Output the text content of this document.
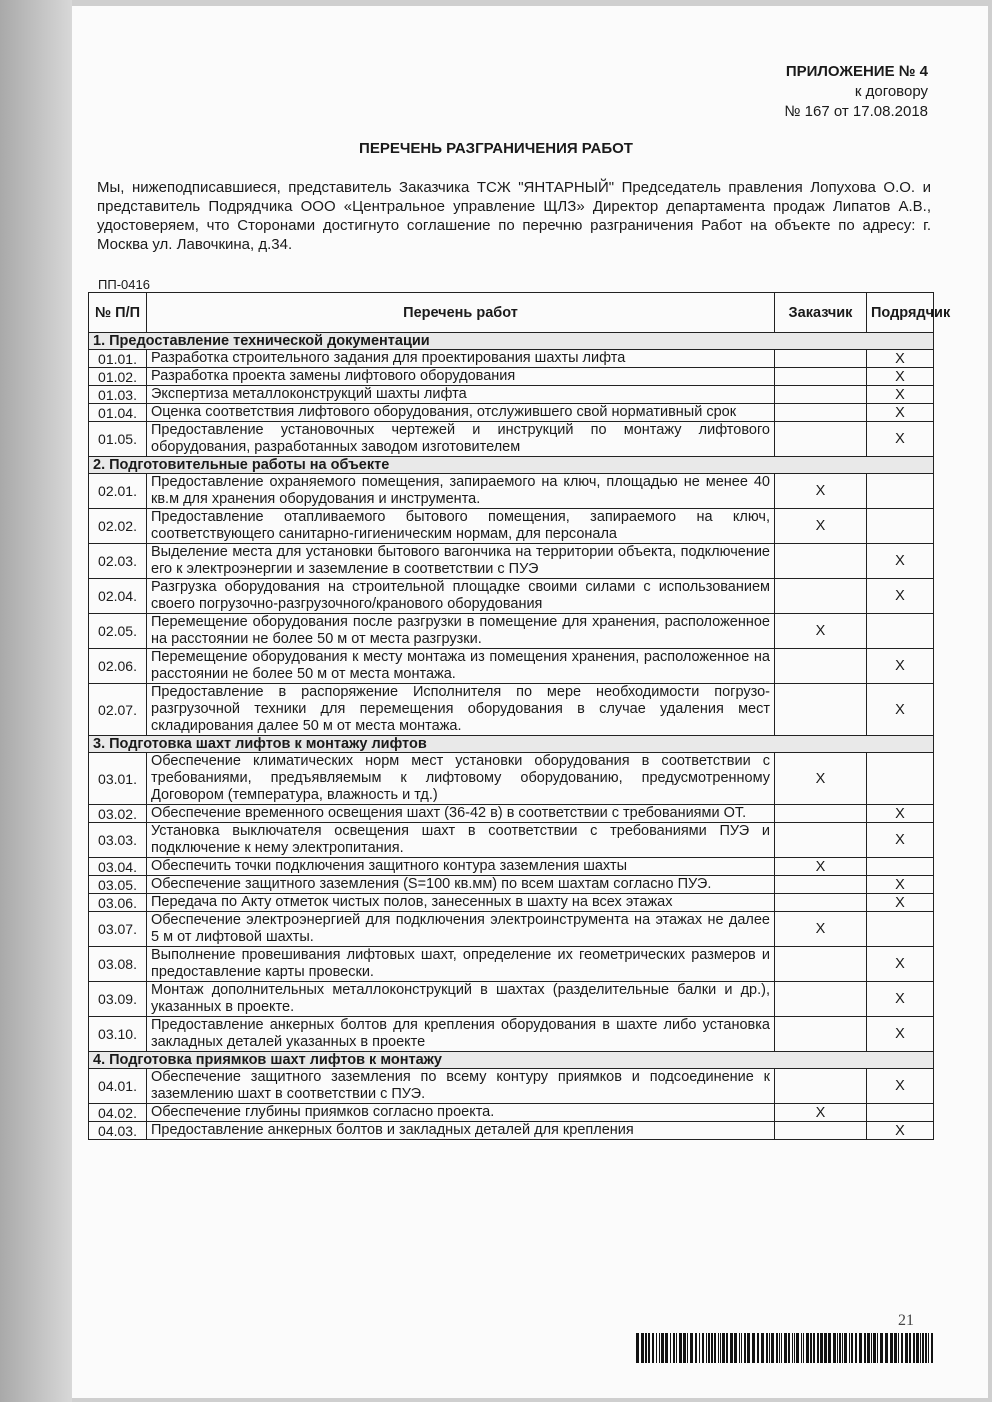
ПРИЛОЖЕНИЕ № 4
к договору
№ 167 от 17.08.2018
ПЕРЕЧЕНЬ РАЗГРАНИЧЕНИЯ РАБОТ
Мы, нижеподписавшиеся, представитель Заказчика ТСЖ "ЯНТАРНЫЙ" Председатель правления Лопухова О.О. и представитель Подрядчика ООО «Центральное управление ЩЛЗ» Директор департамента продаж Липатов А.В., удостоверяем, что Сторонами достигнуто соглашение по перечню разграничения Работ на объекте по адресу: г. Москва ул. Лавочкина, д.34.
ПП-0416
№ П/П	Перечень работ	Заказчик	Подрядчик
1. Предоставление технической документации			
01.01.	Разработка строительного задания для проектирования шахты лифта		X
01.02.	Разработка проекта замены лифтового оборудования		X
01.03.	Экспертиза металлоконструкций шахты лифта		X
01.04.	Оценка соответствия лифтового оборудования, отслужившего свой нормативный срок		X
01.05.	Предоставление установочных чертежей и инструкций по монтажу лифтового оборудования, разработанных заводом изготовителем		X
2. Подготовительные работы на объекте			
02.01.	Предоставление охраняемого помещения, запираемого на ключ, площадью не менее 40 кв.м для хранения оборудования и инструмента.	X	
02.02.	Предоставление отапливаемого бытового помещения, запираемого на ключ, соответствующего санитарно-гигиеническим нормам, для персонала	X	
02.03.	Выделение места для установки бытового вагончика на территории объекта, подключение его к электроэнергии и заземление в соответствии с ПУЭ		X
02.04.	Разгрузка оборудования на строительной площадке своими силами с использованием своего погрузочно-разгрузочного/кранового оборудования		X
02.05.	Перемещение оборудования после разгрузки в помещение для хранения, расположенное на расстоянии не более 50 м от места разгрузки.	X	
02.06.	Перемещение оборудования к месту монтажа из помещения хранения, расположенное на расстоянии не более 50 м от места монтажа.		X
02.07.	Предоставление в распоряжение Исполнителя по мере необходимости погрузо-разгрузочной техники для перемещения оборудования в случае удаления мест складирования далее 50 м от места монтажа.		X
3. Подготовка шахт лифтов к монтажу лифтов			
03.01.	Обеспечение климатических норм мест установки оборудования в соответствии с требованиями, предъявляемым к лифтовому оборудованию, предусмотренному Договором (температура, влажность и тд.)	X	
03.02.	Обеспечение временного освещения шахт (36-42 в) в соответствии с требованиями ОТ.		X
03.03.	Установка выключателя освещения шахт в соответствии с требованиями ПУЭ и подключение к нему электропитания.		X
03.04.	Обеспечить точки подключения защитного контура заземления шахты	X	
03.05.	Обеспечение защитного заземления (S=100 кв.мм) по всем шахтам согласно ПУЭ.		X
03.06.	Передача по Акту отметок чистых полов, занесенных в шахту на всех этажах		X
03.07.	Обеспечение электроэнергией для подключения электроинструмента на этажах не далее 5 м от лифтовой шахты.	X	
03.08.	Выполнение провешивания лифтовых шахт, определение их геометрических размеров и предоставление карты провески.		X
03.09.	Монтаж дополнительных металлоконструкций в шахтах (разделительные балки и др.), указанных в проекте.		X
03.10.	Предоставление анкерных болтов для крепления оборудования в шахте либо установка закладных деталей указанных в проекте		X
4. Подготовка приямков шахт лифтов к монтажу			
04.01.	Обеспечение защитного заземления по всему контуру приямков и подсоединение к заземлению шахт в соответствии с ПУЭ.		X
04.02.	Обеспечение глубины приямков согласно проекта.	X	
04.03.	Предоставление анкерных болтов и закладных деталей для крепления		X
21
